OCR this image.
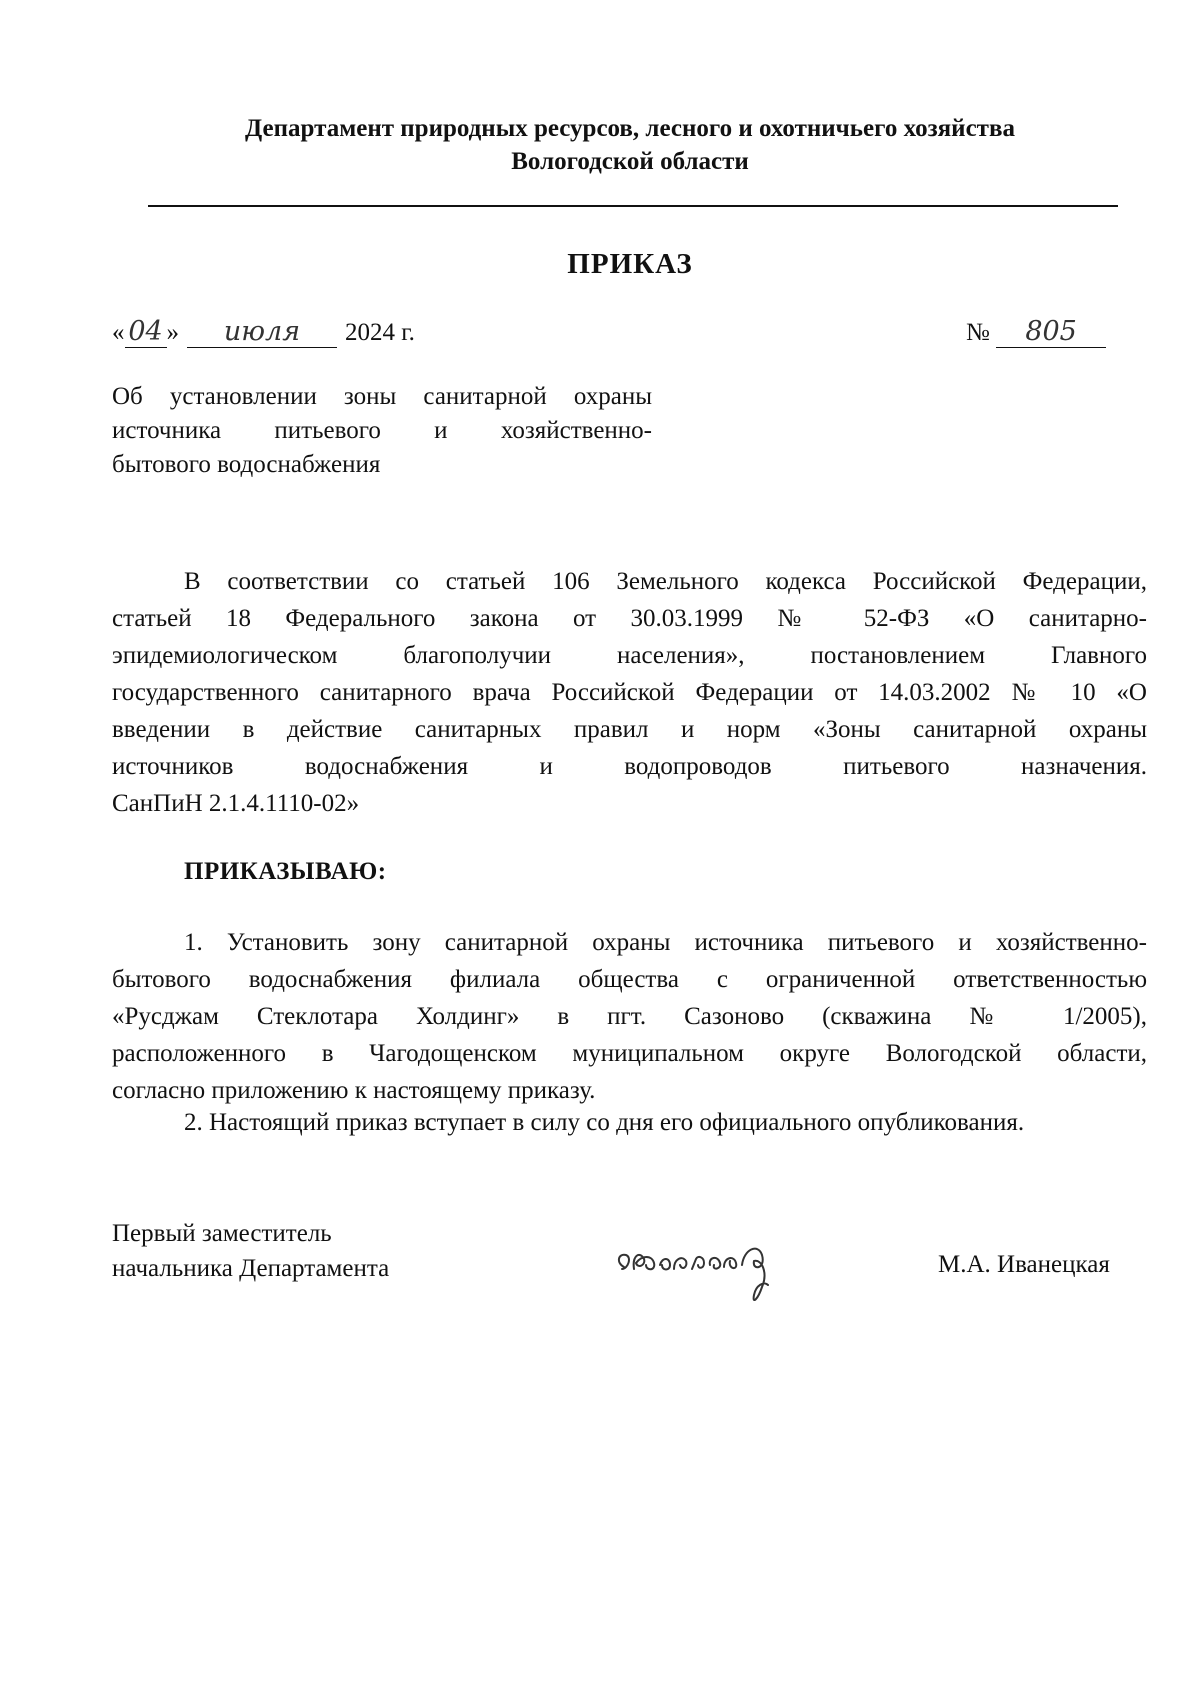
Департамент природных ресурсов, лесного и охотничьего хозяйства
Вологодской области
ПРИКАЗ
« 04 » июля 2024 г.	№ 805
Об установлении зоны санитарной охраны
источника питьевого и хозяйственно-
бытового водоснабжения
В соответствии со статьей 106 Земельного кодекса Российской Федерации,
статьей 18 Федерального закона от 30.03.1999 № 52-ФЗ «О санитарно-
эпидемиологическом благополучии населения», постановлением Главного
государственного санитарного врача Российской Федерации от 14.03.2002 № 10 «О
введении в действие санитарных правил и норм «Зоны санитарной охраны
источников водоснабжения и водопроводов питьевого назначения.
СанПиН 2.1.4.1110-02»
ПРИКАЗЫВАЮ:
1. Установить зону санитарной охраны источника питьевого и хозяйственно-
бытового водоснабжения филиала общества с ограниченной ответственностью
«Русджам Стеклотара Холдинг» в пгт. Сазоново (скважина № 1/2005),
расположенного в Чагодощенском муниципальном округе Вологодской области,
согласно приложению к настоящему приказу.
2. Настоящий приказ вступает в силу со дня его официального опубликования.
Первый заместитель
начальника Департамента	М.А. Иванецкая
